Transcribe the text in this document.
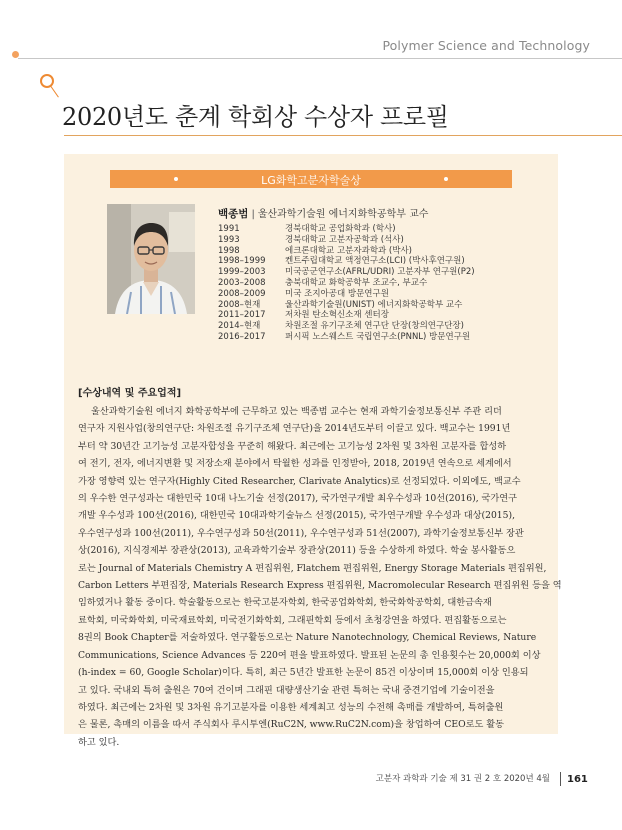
Polymer Science and Technology
2020년도 춘계 학회상 수상자 프로필
LG화학고분자학술상
백종범 | 울산과학기술원 에너지화학공학부 교수
1991	경북대학교 공업화학과 (학사)
1993	경북대학교 고분자공학과 (석사)
1998	에크론대학교 고분자과학과 (박사)
1998–1999	켄트주립대학교 액정연구소(LCI) (박사후연구원)
1999–2003	미국공군연구소(AFRL/UDRI) 고분자부 연구원(P2)
2003–2008	충북대학교 화학공학부 조교수, 부교수
2008–2009	미국 조지아공대 방문연구원
2008–현재	울산과학기술원(UNIST) 에너지화학공학부 교수
2011–2017	저차원 탄소혁신소재 센터장
2014–현재	차원조절 유기구조체 연구단 단장(창의연구단장)
2016–2017	퍼시픽 노스웨스트 국립연구소(PNNL) 방문연구원
[수상내역 및 주요업적]
울산과학기술원 에너지 화학공학부에 근무하고 있는 백종범 교수는 현재 과학기술정보통신부 주관 리더
연구자 지원사업(창의연구단: 차원조절 유기구조체 연구단)을 2014년도부터 이끌고 있다. 백교수는 1991년
부터 약 30년간 고기능성 고분자합성을 꾸준히 해왔다. 최근에는 고기능성 2차원 및 3차원 고분자를 합성하
여 전기, 전자, 에너지변환 및 저장소재 분야에서 탁월한 성과를 인정받아, 2018, 2019년 연속으로 세계에서
가장 영향력 있는 연구자(Highly Cited Researcher, Clarivate Analytics)로 선정되었다. 이외에도, 백교수
의 우수한 연구성과는 대한민국 10대 나노기술 선정(2017), 국가연구개발 최우수성과 10선(2016), 국가연구
개발 우수성과 100선(2016), 대한민국 10대과학기술뉴스 선정(2015), 국가연구개발 우수성과 대상(2015),
우수연구성과 100선(2011), 우수연구성과 50선(2011), 우수연구성과 51선(2007), 과학기술정보통신부 장관
상(2016), 지식경제부 장관상(2013), 교육과학기술부 장관상(2011) 등을 수상하게 하였다. 학술 봉사활동으
로는 Journal of Materials Chemistry A 편집위원, Flatchem 편집위원, Energy Storage Materials 편집위원,
Carbon Letters 부편집장, Materials Research Express 편집위원, Macromolecular Research 편집위원 등을 역
임하였거나 활동 중이다. 학술활동으로는 한국고분자학회, 한국공업화학회, 한국화학공학회, 대한금속재
료학회, 미국화학회, 미국재료학회, 미국전기화학회, 그래핀학회 등에서 초청강연을 하였다. 편집활동으로는
8권의 Book Chapter를 저술하였다. 연구활동으로는 Nature Nanotechnology, Chemical Reviews, Nature
Communications, Science Advances 등 220여 편을 발표하였다. 발표된 논문의 총 인용횟수는 20,000회 이상
(h-index = 60, Google Scholar)이다. 특히, 최근 5년간 발표한 논문이 85건 이상이며 15,000회 이상 인용되
고 있다. 국내외 특허 출원은 70여 건이며 그래핀 대량생산기술 관련 특허는 국내 중견기업에 기술이전을
하였다. 최근에는 2차원 및 3차원 유기고분자를 이용한 세계최고 성능의 수전해 촉매를 개발하여, 특허출원
은 물론, 촉매의 이름을 따서 주식회사 루시투엔(RuC2N, www.RuC2N.com)을 창업하여 CEO로도 활동
하고 있다.
고분자 과학과 기술 제 31 권 2 호 2020년 4월 161
